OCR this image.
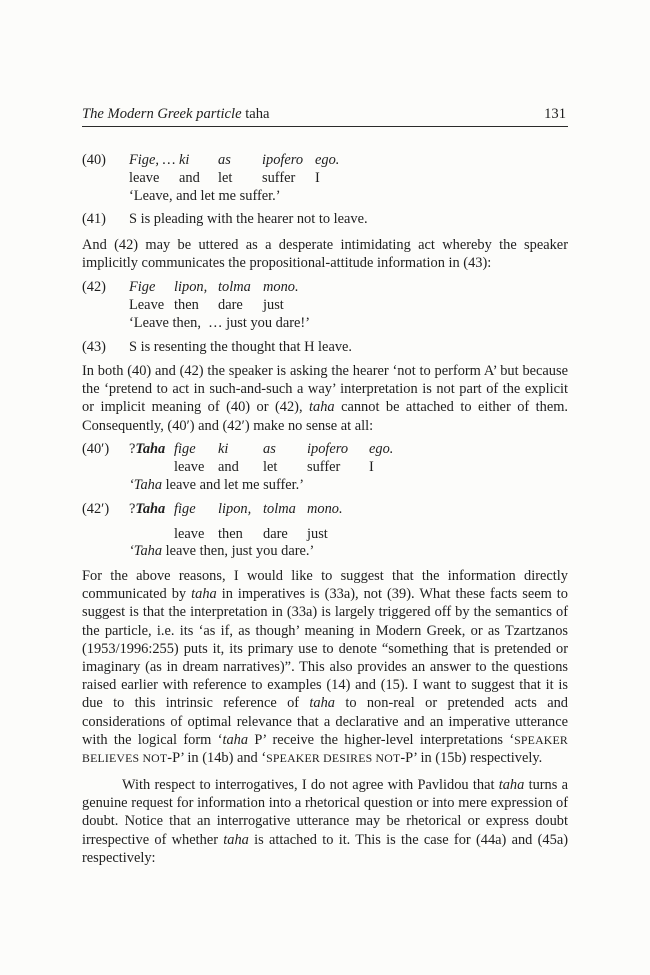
The Modern Greek particle taha	131
(40) Fige, … ki as ipofero ego.
leave and let suffer I
‘Leave, and let me suffer.’
(41) S is pleading with the hearer not to leave.

And (42) may be uttered as a desperate intimidating act whereby the speaker implicitly communicates the propositional-attitude information in (43):

(42) Fige lipon, tolma mono.
Leave then dare just
‘Leave then,  … just you dare!’
(43) S is resenting the thought that H leave.

In both (40) and (42) the speaker is asking the hearer ‘not to perform A’ but because the ‘pretend to act in such-and-such a way’ interpretation is not part of the explicit or implicit meaning of (40) or (42), taha cannot be attached to either of them. Consequently, (40′) and (42′) make no sense at all:

(40′) ?Taha fige ki as ipofero ego.
leave and let suffer I
‘Taha leave and let me suffer.’
(42′) ?Taha fige lipon, tolma mono.
leave then dare just
‘Taha leave then, just you dare.’

For the above reasons, I would like to suggest that the information directly communicated by taha in imperatives is (33a), not (39). What these facts seem to suggest is that the interpretation in (33a) is largely triggered off by the semantics of the particle, i.e. its ‘as if, as though’ meaning in Modern Greek, or as Tzartzanos (1953/1996:255) puts it, its primary use to denote “something that is pretended or imaginary (as in dream narratives)”. This also provides an answer to the questions raised earlier with reference to examples (14) and (15). I want to suggest that it is due to this intrinsic reference of taha to non-real or pretended acts and considerations of optimal relevance that a declarative and an imperative utterance with the logical form ‘taha P’ receive the higher-level interpretations ‘SPEAKER BELIEVES NOT-P’ in (14b) and ‘SPEAKER DESIRES NOT-P’ in (15b) respectively.

With respect to interrogatives, I do not agree with Pavlidou that taha turns a genuine request for information into a rhetorical question or into mere expression of doubt. Notice that an interrogative utterance may be rhetorical or express doubt irrespective of whether taha is attached to it. This is the case for (44a) and (45a) respectively:
